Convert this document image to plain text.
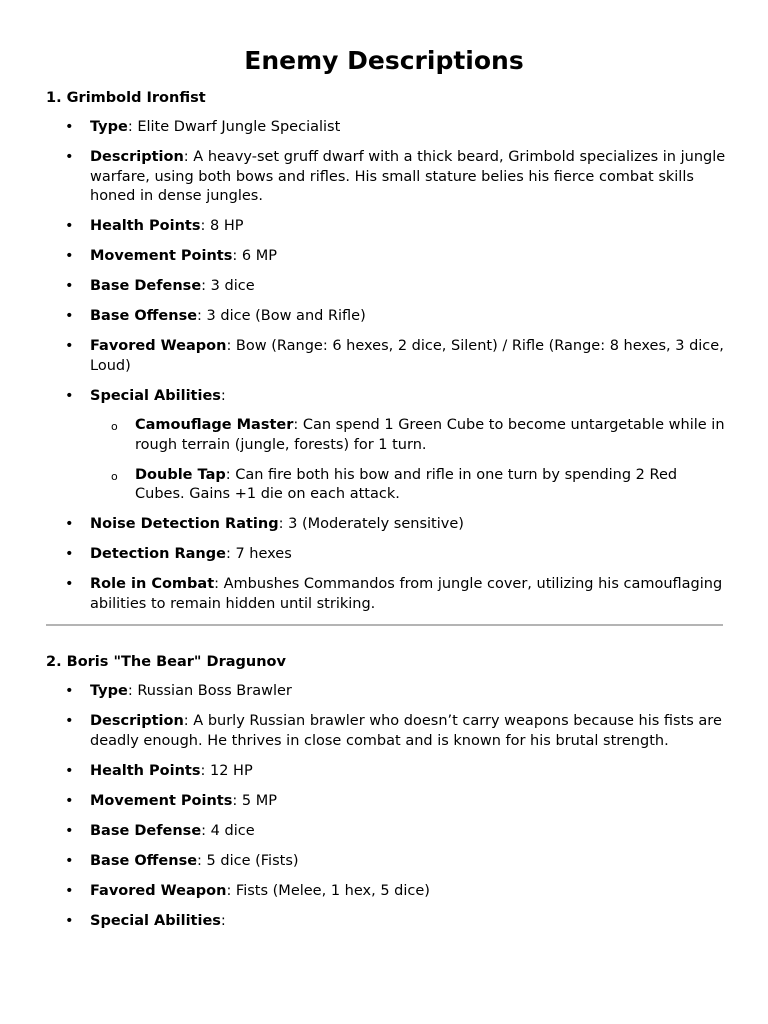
Enemy Descriptions
1. Grimbold Ironfist
• Type: Elite Dwarf Jungle Specialist
• Description: A heavy-set gruff dwarf with a thick beard, Grimbold specializes in jungle warfare, using both bows and rifles. His small stature belies his fierce combat skills honed in dense jungles.
• Health Points: 8 HP
• Movement Points: 6 MP
• Base Defense: 3 dice
• Base Offense: 3 dice (Bow and Rifle)
• Favored Weapon: Bow (Range: 6 hexes, 2 dice, Silent) / Rifle (Range: 8 hexes, 3 dice, Loud)
• Special Abilities:
o Camouflage Master: Can spend 1 Green Cube to become untargetable while in rough terrain (jungle, forests) for 1 turn.
o Double Tap: Can fire both his bow and rifle in one turn by spending 2 Red Cubes. Gains +1 die on each attack.
• Noise Detection Rating: 3 (Moderately sensitive)
• Detection Range: 7 hexes
• Role in Combat: Ambushes Commandos from jungle cover, utilizing his camouflaging abilities to remain hidden until striking.
2. Boris "The Bear" Dragunov
• Type: Russian Boss Brawler
• Description: A burly Russian brawler who doesn’t carry weapons because his fists are deadly enough. He thrives in close combat and is known for his brutal strength.
• Health Points: 12 HP
• Movement Points: 5 MP
• Base Defense: 4 dice
• Base Offense: 5 dice (Fists)
• Favored Weapon: Fists (Melee, 1 hex, 5 dice)
• Special Abilities:
